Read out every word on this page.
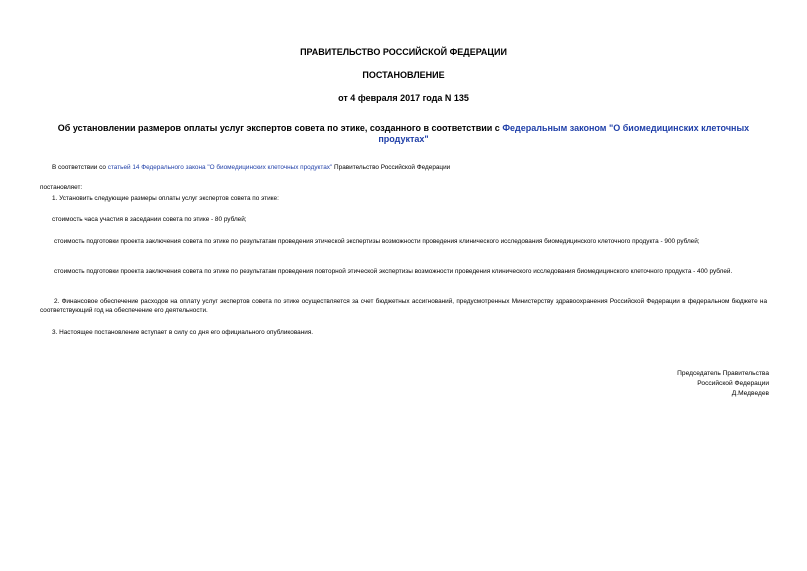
ПРАВИТЕЛЬСТВО РОССИЙСКОЙ ФЕДЕРАЦИИ
ПОСТАНОВЛЕНИЕ
от 4 февраля 2017 года N 135
Об установлении размеров оплаты услуг экспертов совета по этике, созданного в соответствии с Федеральным законом "О биомедицинских клеточных продуктах"
В соответствии со статьей 14 Федерального закона "О биомедицинских клеточных продуктах" Правительство Российской Федерации
постановляет:
1. Установить следующие размеры оплаты услуг экспертов совета по этике:
стоимость часа участия в заседании совета по этике - 80 рублей;
стоимость подготовки проекта заключения совета по этике по результатам проведения этической экспертизы возможности проведения клинического исследования биомедицинского клеточного продукта - 900 рублей;
стоимость подготовки проекта заключения совета по этике по результатам проведения повторной этической экспертизы возможности проведения клинического исследования биомедицинского клеточного продукта - 400 рублей.
2. Финансовое обеспечение расходов на оплату услуг экспертов совета по этике осуществляется за счет бюджетных ассигнований, предусмотренных Министерству здравоохранения Российской Федерации в федеральном бюджете на соответствующий год на обеспечение его деятельности.
3. Настоящее постановление вступает в силу со дня его официального опубликования.
Председатель Правительства
Российской Федерации
Д.Медведев
